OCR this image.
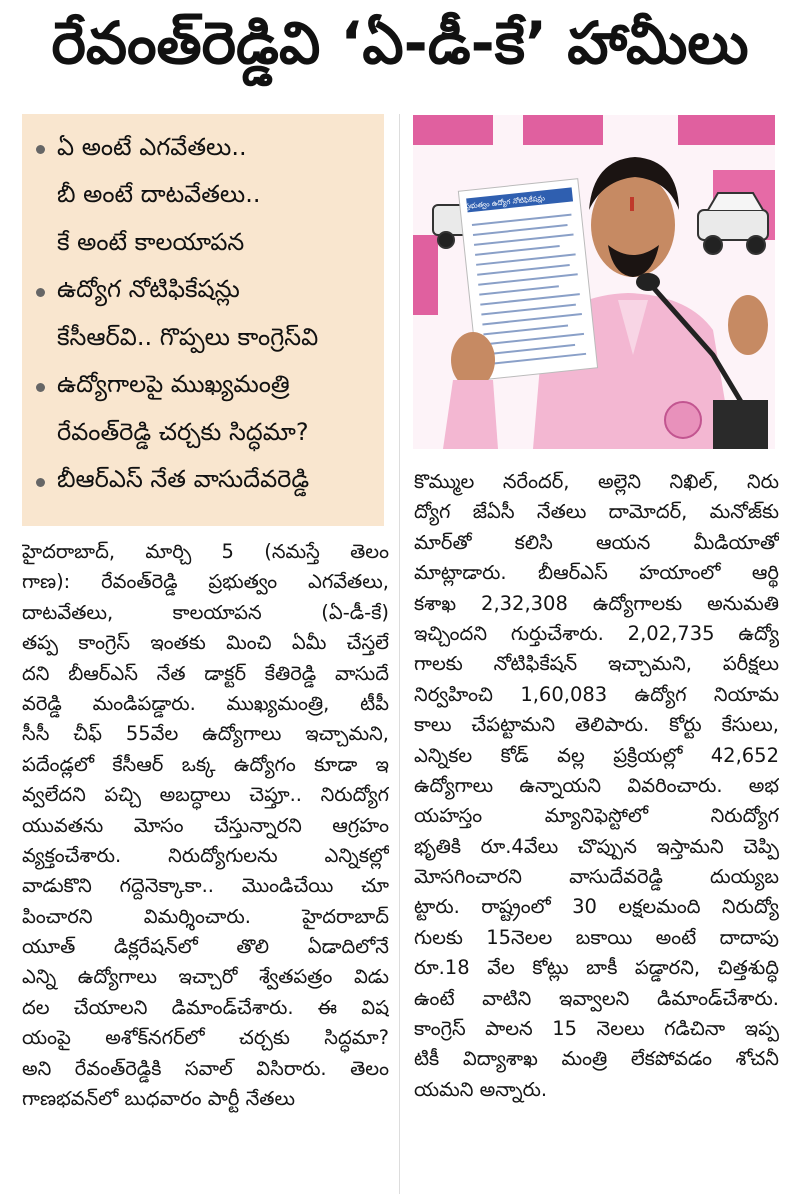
రేవంత్‌రెడ్డివి ‘ఏ-డీ-కే’ హామీలు
ఏ అంటే ఎగవేతలు..
బీ అంటే దాటవేతలు..
కే అంటే కాలయాపన
ఉద్యోగ నోటిఫికేషన్లు
కేసీఆర్‌వి.. గొప్పలు కాంగ్రెస్‌వి
ఉద్యోగాలపై ముఖ్యమంత్రి
రేవంత్‌రెడ్డి చర్చకు సిద్ధమా?
బీఆర్‌ఎస్‌ నేత వాసుదేవరెడ్డి
ప్రభుత్వం ఉద్యోగ నోటిఫికేషన్లు
హైదరాబాద్‌, మార్చి 5 (నమస్తే తెలం
గాణ): రేవంత్‌రెడ్డి ప్రభుత్వం ఎగవేతలు,
దాటవేతలు, కాలయాపన (ఏ-డీ-కే)
తప్ప కాంగ్రెస్‌ ఇంతకు మించి ఏమీ చేస్తలే
దని బీఆర్‌ఎస్‌ నేత డాక్టర్‌ కేతిరెడ్డి వాసుదే
వరెడ్డి మండిపడ్డారు. ముఖ్యమంత్రి, టీపీ
సీసీ చీఫ్‌ 55వేల ఉద్యోగాలు ఇచ్చామని,
పదేండ్లలో కేసీఆర్‌ ఒక్క ఉద్యోగం కూడా ఇ
వ్వలేదని పచ్చి అబద్ధాలు చెప్తూ.. నిరుద్యోగ
యువతను మోసం చేస్తున్నారని ఆగ్రహం
వ్యక్తంచేశారు. నిరుద్యోగులను ఎన్నికల్లో
వాడుకొని గద్దెనెక్కాకా.. మొండిచేయి చూ
పించారని విమర్శించారు. హైదరాబాద్‌
యూత్‌ డిక్లరేషన్‌లో తొలి ఏడాదిలోనే
ఎన్ని ఉద్యోగాలు ఇచ్చారో శ్వేతపత్రం విడు
దల చేయాలని డిమాండ్‌చేశారు. ఈ విష
యంపై అశోక్‌నగర్‌లో చర్చకు సిద్ధమా?
అని రేవంత్‌రెడ్డికి సవాల్‌ విసిరారు. తెలం
గాణభవన్‌లో బుధవారం పార్టీ నేతలు
కొమ్ముల నరేందర్‌, అల్లెని నిఖిల్‌, నిరు
ద్యోగ జేఏసీ నేతలు దామోదర్‌, మనోజ్‌కు
మార్‌తో కలిసి ఆయన మీడియాతో
మాట్లాడారు. బీఆర్‌ఎస్‌ హయాంలో ఆర్థి
కశాఖ 2,32,308 ఉద్యోగాలకు అనుమతి
ఇచ్చిందని గుర్తుచేశారు. 2,02,735 ఉద్యో
గాలకు నోటిఫికేషన్‌ ఇచ్చామని, పరీక్షలు
నిర్వహించి 1,60,083 ఉద్యోగ నియామ
కాలు చేపట్టామని తెలిపారు. కోర్టు కేసులు,
ఎన్నికల కోడ్‌ వల్ల ప్రక్రియల్లో 42,652
ఉద్యోగాలు ఉన్నాయని వివరించారు. అభ
యహస్తం మ్యానిఫెస్టోలో నిరుద్యోగ
భృతికి రూ.4వేలు చొప్పున ఇస్తామని చెప్పి
మోసగించారని వాసుదేవరెడ్డి దుయ్యబ
ట్టారు. రాష్ట్రంలో 30 లక్షలమంది నిరుద్యో
గులకు 15నెలల బకాయి అంటే దాదాపు
రూ.18 వేల కోట్లు బాకీ పడ్డారని, చిత్తశుద్ధి
ఉంటే వాటిని ఇవ్వాలని డిమాండ్‌చేశారు.
కాంగ్రెస్‌ పాలన 15 నెలలు గడిచినా ఇప్ప
టికీ విద్యాశాఖ మంత్రి లేకపోవడం శోచనీ
యమని అన్నారు.
